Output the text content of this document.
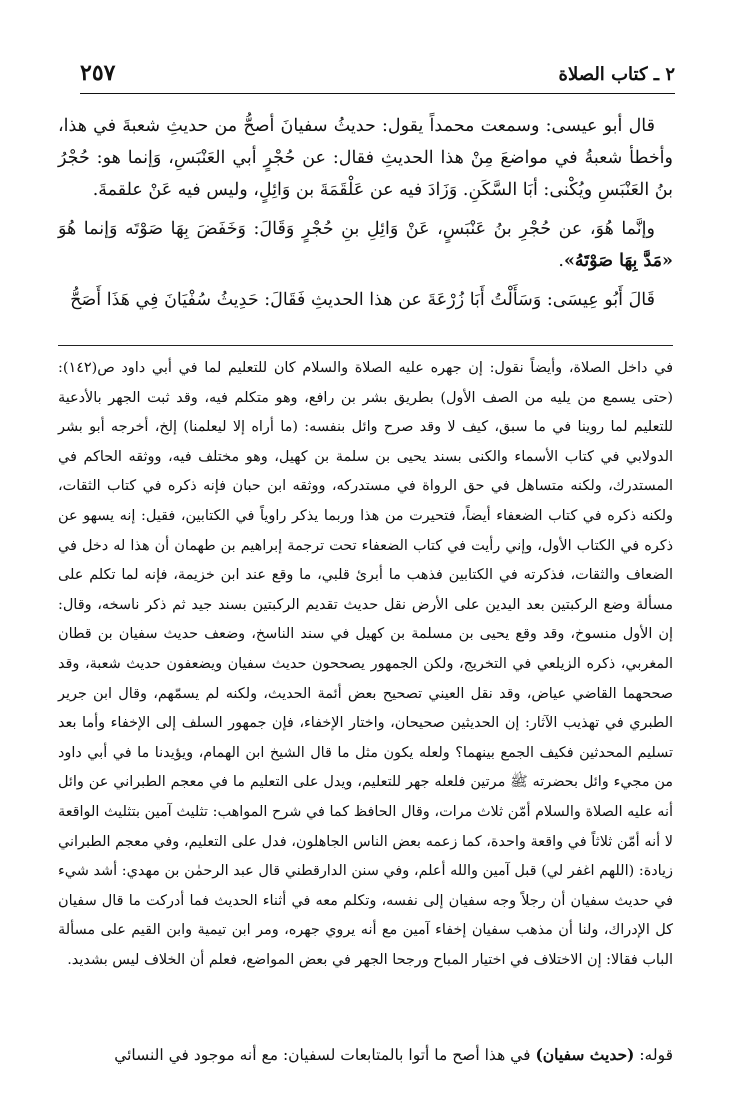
٢ ـ كتاب الصلاة
٢٥٧

قال أبو عيسى: وسمعت محمداً يقول: حديثُ سفيانَ أصحُّ من حديثِ شعبةَ في هذا، وأخطأ شعبةُ في مواضعَ مِنْ هذا الحديثِ فقال: عن حُجْرٍ أبي العَنْبَسِ، وَإنما هو: حُجْرُ بنُ العَنْبَسِ ويُكْنى: أبَا السَّكَنِ. وَزَادَ فيه عن عَلْقَمَةَ بن وَائِلٍ، وليس فيه عَنْ علقمةَ.

وإنَّما هُوَ، عن حُجْرِ بنُ عَنْبَسٍ، عَنْ وَائِلِ بنِ حُجْرٍ وَقَالَ: وَخَفَضَ بِهَا صَوْتَه وَإنما هُوَ «مَدَّ بِهَا صَوْتَهُ».

قَالَ أَبُو عِيسَى: وَسَأَلْتُ أَبَا زُرْعَةَ عن هذا الحديثِ فَقَالَ: حَدِيثُ سُفْيَانَ فِي هَذَا أَصَحُّ

في داخل الصلاة، وأيضاً نقول: إن جهره عليه الصلاة والسلام كان للتعليم لما في أبي داود ص(١٤٢): (حتى يسمع من يليه من الصف الأول) بطريق بشر بن رافع، وهو متكلم فيه، وقد ثبت الجهر بالأدعية للتعليم لما روينا في ما سبق، كيف لا وقد صرح وائل بنفسه: (ما أراه إلا ليعلمنا) إلخ، أخرجه أبو بشر الدولابي في كتاب الأسماء والكنى بسند يحيى بن سلمة بن كهيل، وهو مختلف فيه، ووثقه الحاكم في المستدرك، ولكنه متساهل في حق الرواة في مستدركه، ووثقه ابن حبان فإنه ذكره في كتاب الثقات، ولكنه ذكره في كتاب الضعفاء أيضاً، فتحيرت من هذا وربما يذكر راوياً في الكتابين، فقيل: إنه يسهو عن ذكره في الكتاب الأول، وإني رأيت في كتاب الضعفاء تحت ترجمة إبراهيم بن طهمان أن هذا له دخل في الضعاف والثقات، فذكرته في الكتابين فذهب ما أبرئ قلبي، ما وقع عند ابن خزيمة، فإنه لما تكلم على مسألة وضع الركبتين بعد اليدين على الأرض نقل حديث تقديم الركبتين بسند جيد ثم ذكر ناسخه، وقال: إن الأول منسوخ، وقد وقع يحيى بن مسلمة بن كهيل في سند الناسخ، وضعف حديث سفيان بن قطان المغربي، ذكره الزيلعي في التخريج، ولكن الجمهور يصححون حديث سفيان ويضعفون حديث شعبة، وقد صححهما القاضي عياض، وقد نقل العيني تصحيح بعض أئمة الحديث، ولكنه لم يسمّهم، وقال ابن جرير الطبري في تهذيب الآثار: إن الحديثين صحيحان، واختار الإخفاء، فإن جمهور السلف إلى الإخفاء وأما بعد تسليم المحدثين فكيف الجمع بينهما؟ ولعله يكون مثل ما قال الشيخ ابن الهمام، ويؤيدنا ما في أبي داود من مجيء وائل بحضرته ﷺ مرتين فلعله جهر للتعليم، ويدل على التعليم ما في معجم الطبراني عن وائل أنه عليه الصلاة والسلام أمّن ثلاث مرات، وقال الحافظ كما في شرح المواهب: تثليث آمين بتثليث الواقعة لا أنه أمّن ثلاثاً في واقعة واحدة، كما زعمه بعض الناس الجاهلون، فدل على التعليم، وفي معجم الطبراني زيادة: (اللهم اغفر لي) قبل آمين والله أعلم، وفي سنن الدارقطني قال عبد الرحمٰن بن مهدي: أشد شيء في حديث سفيان أن رجلاً وجه سفيان إلى نفسه، وتكلم معه في أثناء الحديث فما أدركت ما قال سفيان كل الإدراك، ولنا أن مذهب سفيان إخفاء آمين مع أنه يروي جهره، ومر ابن تيمية وابن القيم على مسألة الباب فقالا: إن الاختلاف في اختيار المباح ورجحا الجهر في بعض المواضع، فعلم أن الخلاف ليس بشديد.

قوله: (حديث سفيان) في هذا أصح ما أتوا بالمتابعات لسفيان: مع أنه موجود في النسائي
